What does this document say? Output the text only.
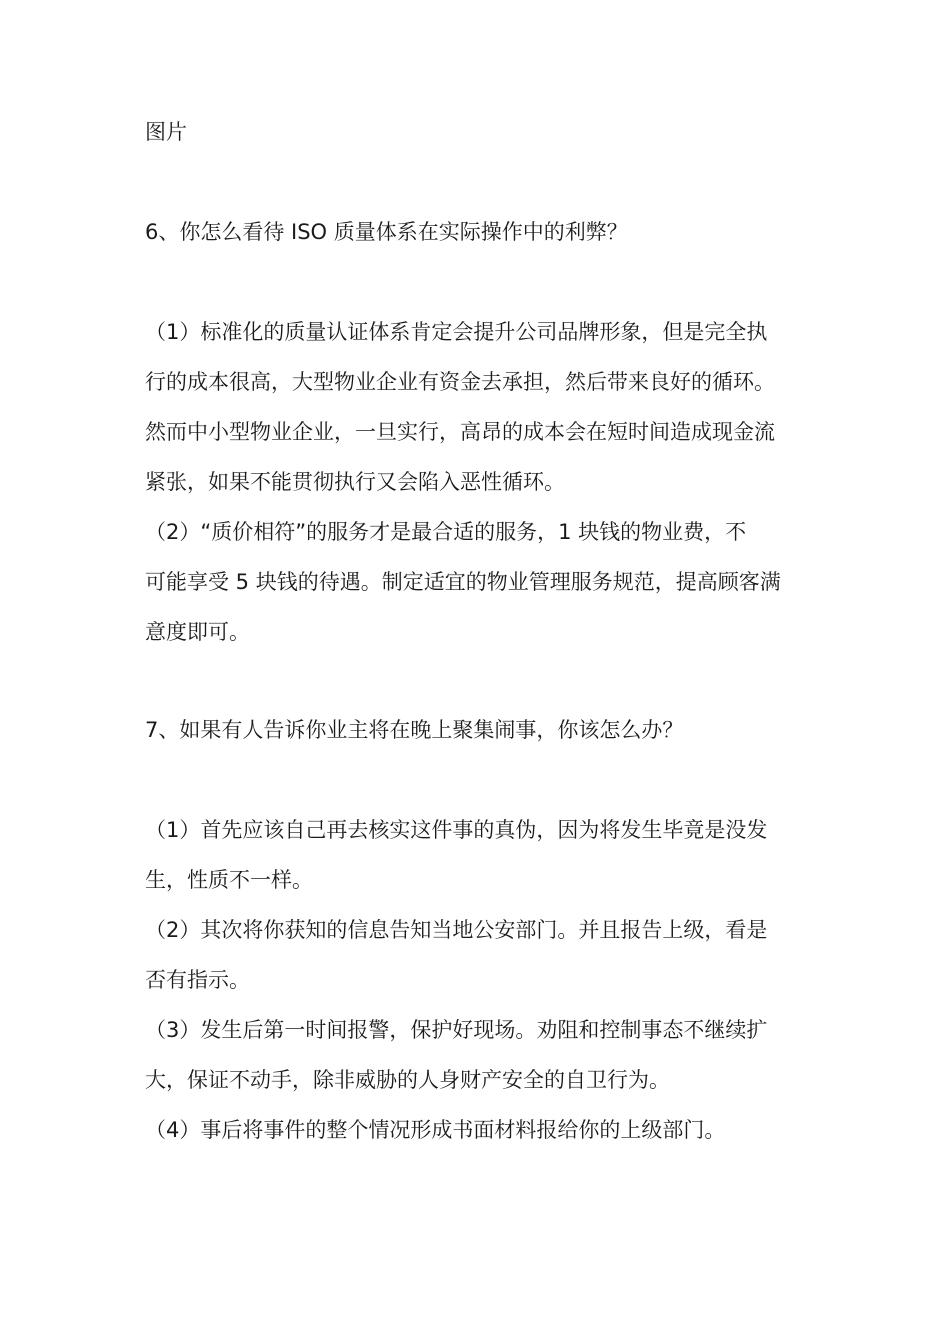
图片
6、你怎么看待 ISO 质量体系在实际操作中的利弊？
（1）标准化的质量认证体系肯定会提升公司品牌形象，但是完全执
行的成本很高，大型物业企业有资金去承担，然后带来良好的循环。
然而中小型物业企业，一旦实行，高昂的成本会在短时间造成现金流
紧张，如果不能贯彻执行又会陷入恶性循环。
（2）“质价相符”的服务才是最合适的服务，1 块钱的物业费，不
可能享受 5 块钱的待遇。制定适宜的物业管理服务规范，提高顾客满
意度即可。
7、如果有人告诉你业主将在晚上聚集闹事，你该怎么办？
（1）首先应该自己再去核实这件事的真伪，因为将发生毕竟是没发
生，性质不一样。
（2）其次将你获知的信息告知当地公安部门。并且报告上级，看是
否有指示。
（3）发生后第一时间报警，保护好现场。劝阻和控制事态不继续扩
大，保证不动手，除非威胁的人身财产安全的自卫行为。
（4）事后将事件的整个情况形成书面材料报给你的上级部门。
